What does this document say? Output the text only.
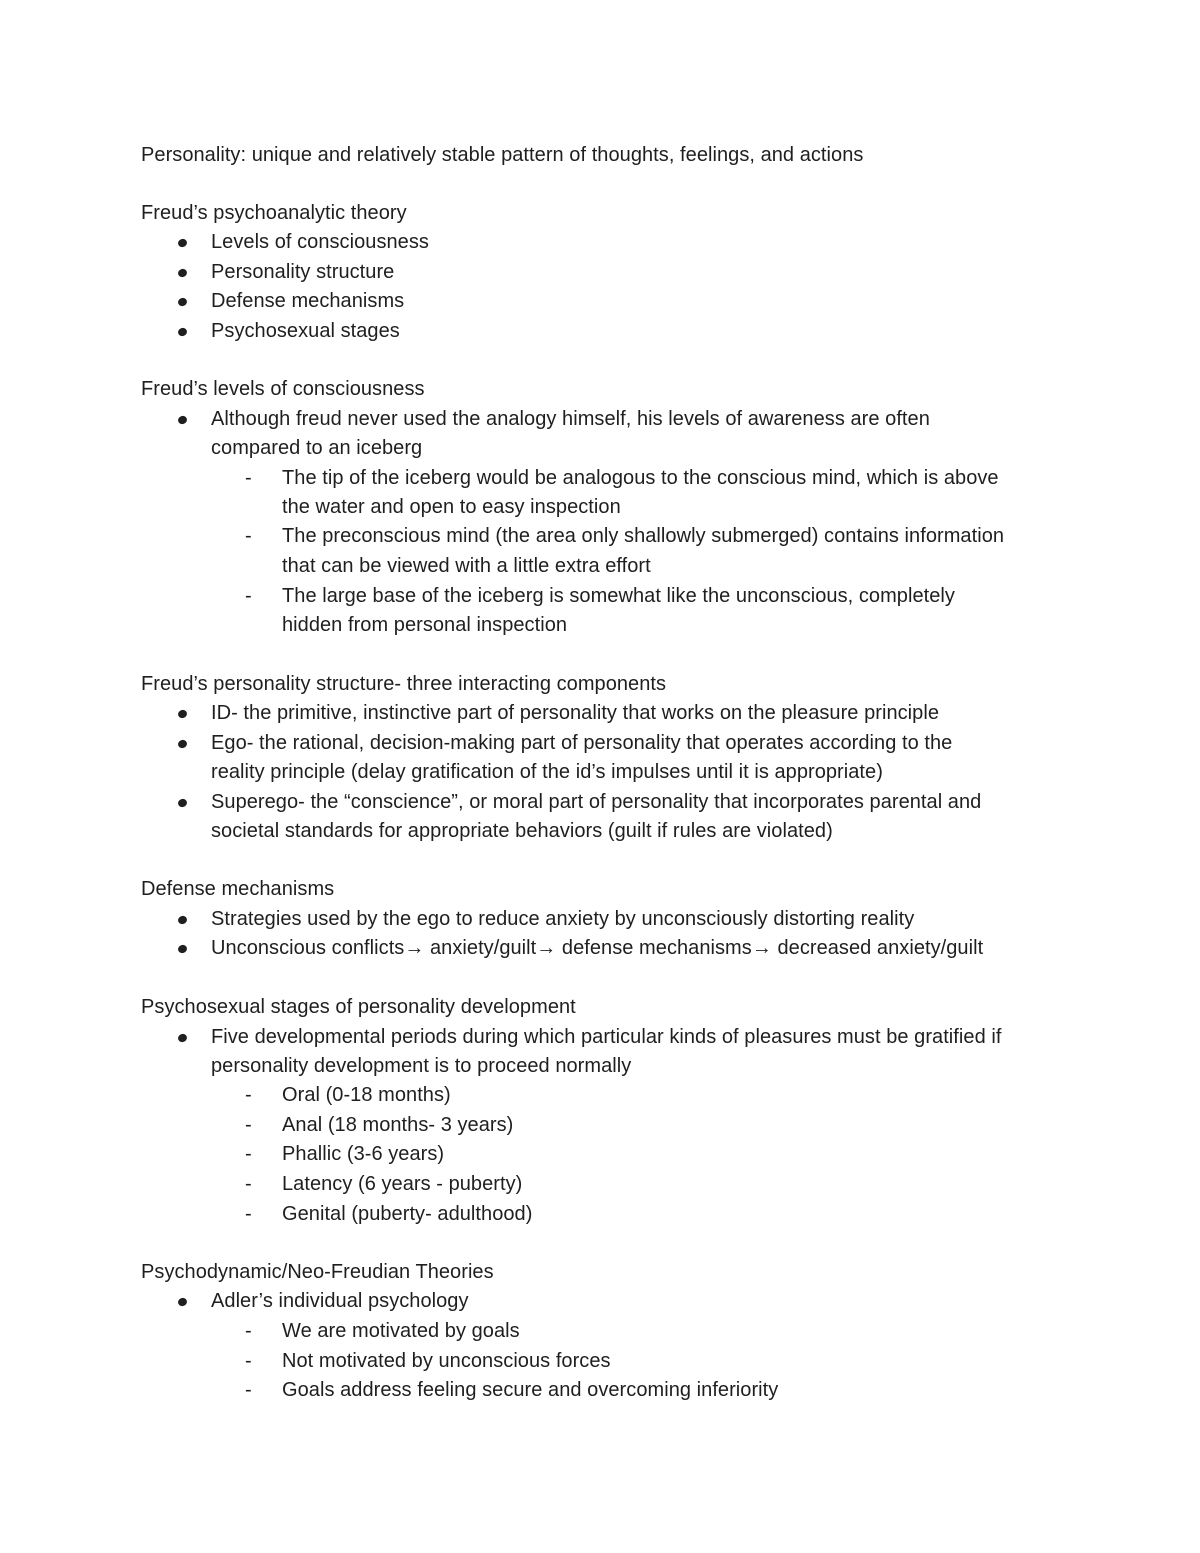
Personality: unique and relatively stable pattern of thoughts, feelings, and actions
Freud’s psychoanalytic theory
Levels of consciousness
Personality structure
Defense mechanisms
Psychosexual stages
Freud’s levels of consciousness
Although freud never used the analogy himself, his levels of awareness are often
compared to an iceberg
- The tip of the iceberg would be analogous to the conscious mind, which is above
the water and open to easy inspection
- The preconscious mind (the area only shallowly submerged) contains information
that can be viewed with a little extra effort
- The large base of the iceberg is somewhat like the unconscious, completely
hidden from personal inspection
Freud’s personality structure- three interacting components
ID- the primitive, instinctive part of personality that works on the pleasure principle
Ego- the rational, decision-making part of personality that operates according to the
reality principle (delay gratification of the id’s impulses until it is appropriate)
Superego- the “conscience”, or moral part of personality that incorporates parental and
societal standards for appropriate behaviors (guilt if rules are violated)
Defense mechanisms
Strategies used by the ego to reduce anxiety by unconsciously distorting reality
Unconscious conflicts→ anxiety/guilt→ defense mechanisms→ decreased anxiety/guilt
Psychosexual stages of personality development
Five developmental periods during which particular kinds of pleasures must be gratified if
personality development is to proceed normally
- Oral (0-18 months)
- Anal (18 months- 3 years)
- Phallic (3-6 years)
- Latency (6 years - puberty)
- Genital (puberty- adulthood)
Psychodynamic/Neo-Freudian Theories
Adler’s individual psychology
- We are motivated by goals
- Not motivated by unconscious forces
- Goals address feeling secure and overcoming inferiority
